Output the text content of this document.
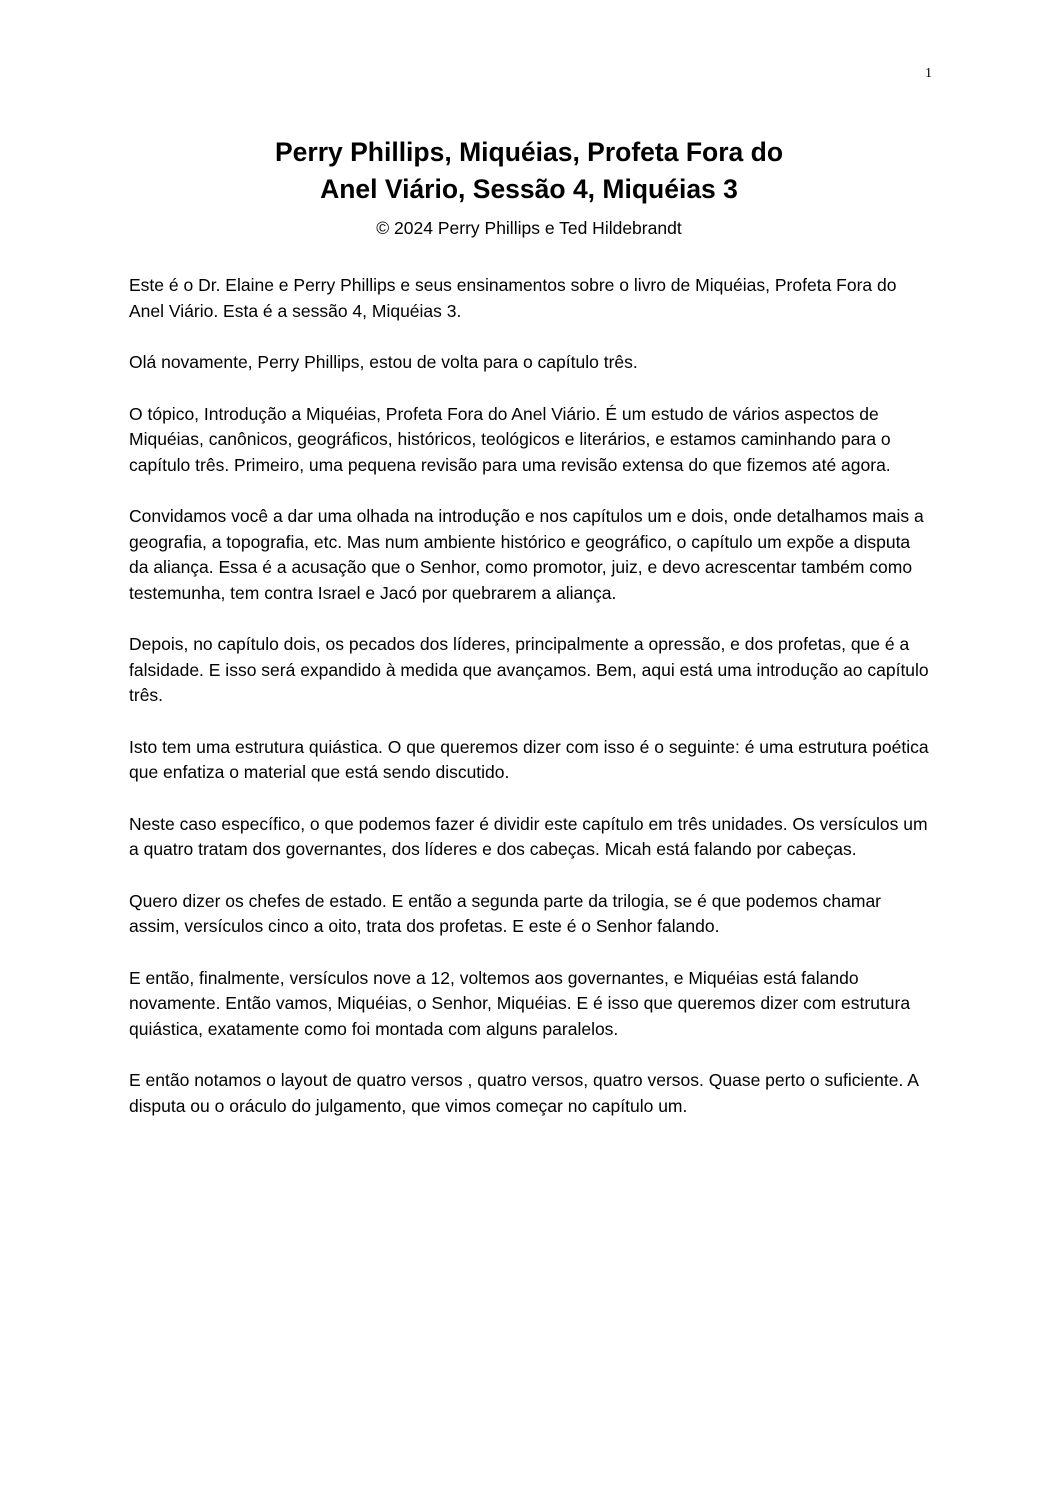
1
Perry Phillips, Miquéias, Profeta Fora do
Anel Viário, Sessão 4, Miquéias 3
© 2024 Perry Phillips e Ted Hildebrandt

Este é o Dr. Elaine e Perry Phillips e seus ensinamentos sobre o livro de Miquéias, Profeta Fora do Anel Viário. Esta é a sessão 4, Miquéias 3.

Olá novamente, Perry Phillips, estou de volta para o capítulo três.

O tópico, Introdução a Miquéias, Profeta Fora do Anel Viário. É um estudo de vários aspectos de Miquéias, canônicos, geográficos, históricos, teológicos e literários, e estamos caminhando para o capítulo três. Primeiro, uma pequena revisão para uma revisão extensa do que fizemos até agora.

Convidamos você a dar uma olhada na introdução e nos capítulos um e dois, onde detalhamos mais a geografia, a topografia, etc. Mas num ambiente histórico e geográfico, o capítulo um expõe a disputa da aliança. Essa é a acusação que o Senhor, como promotor, juiz, e devo acrescentar também como testemunha, tem contra Israel e Jacó por quebrarem a aliança.

Depois, no capítulo dois, os pecados dos líderes, principalmente a opressão, e dos profetas, que é a falsidade. E isso será expandido à medida que avançamos. Bem, aqui está uma introdução ao capítulo três.

Isto tem uma estrutura quiástica. O que queremos dizer com isso é o seguinte: é uma estrutura poética que enfatiza o material que está sendo discutido.

Neste caso específico, o que podemos fazer é dividir este capítulo em três unidades. Os versículos um a quatro tratam dos governantes, dos líderes e dos cabeças. Micah está falando por cabeças.

Quero dizer os chefes de estado. E então a segunda parte da trilogia, se é que podemos chamar assim, versículos cinco a oito, trata dos profetas. E este é o Senhor falando.

E então, finalmente, versículos nove a 12, voltemos aos governantes, e Miquéias está falando novamente. Então vamos, Miquéias, o Senhor, Miquéias. E é isso que queremos dizer com estrutura quiástica, exatamente como foi montada com alguns paralelos.

E então notamos o layout de quatro versos , quatro versos, quatro versos. Quase perto o suficiente. A disputa ou o oráculo do julgamento, que vimos começar no capítulo um.
